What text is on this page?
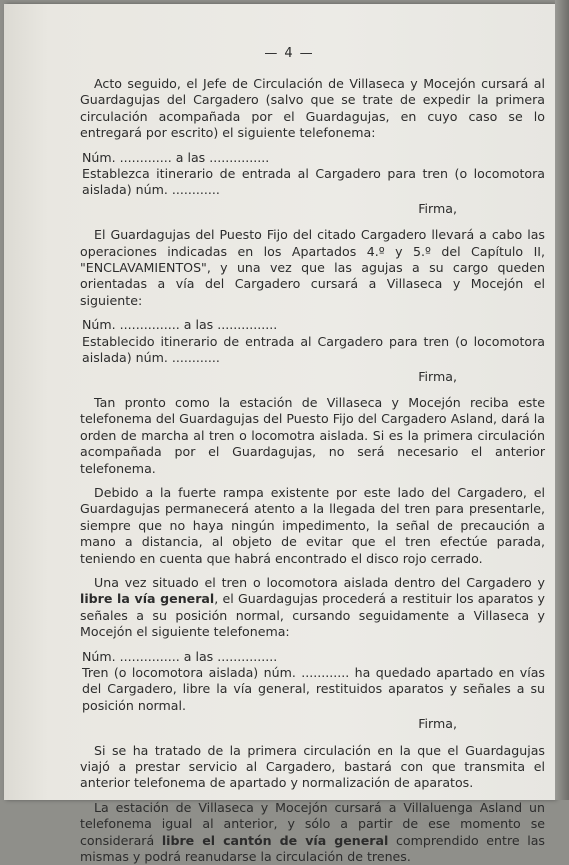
— 4 —

Acto seguido, el Jefe de Circulación de Villaseca y Mocejón cursará al Guardagujas del Cargadero (salvo que se trate de expedir la primera circulación acompañada por el Guardagujas, en cuyo caso se lo entregará por escrito) el siguiente telefonema:

Núm. ............. a las ...............

Establezca itinerario de entrada al Cargadero para tren (o locomotora aislada) núm. ............

Firma,

El Guardagujas del Puesto Fijo del citado Cargadero llevará a cabo las operaciones indicadas en los Apartados 4.º y 5.º del Capítulo II, "ENCLAVAMIENTOS", y una vez que las agujas a su cargo queden orientadas a vía del Cargadero cursará a Villaseca y Mocejón el siguiente:

Núm. ............... a las ...............

Establecido itinerario de entrada al Cargadero para tren (o locomotora aislada) núm. ............

Firma,

Tan pronto como la estación de Villaseca y Mocejón reciba este telefonema del Guardagujas del Puesto Fijo del Cargadero Asland, dará la orden de marcha al tren o locomotra aislada. Si es la primera circulación acompañada por el Guardagujas, no será necesario el anterior telefonema.

Debido a la fuerte rampa existente por este lado del Cargadero, el Guardagujas permanecerá atento a la llegada del tren para presentarle, siempre que no haya ningún impedimento, la señal de precaución a mano a distancia, al objeto de evitar que el tren efectúe parada, teniendo en cuenta que habrá encontrado el disco rojo cerrado.

Una vez situado el tren o locomotora aislada dentro del Cargadero y libre la vía general, el Guardagujas procederá a restituir los aparatos y señales a su posición normal, cursando seguidamente a Villaseca y Mocejón el siguiente telefonema:

Núm. ............... a las ...............

Tren (o locomotora aislada) núm. ............ ha quedado apartado en vías del Cargadero, libre la vía general, restituidos aparatos y señales a su posición normal.

Firma,

Si se ha tratado de la primera circulación en la que el Guardagujas viajó a prestar servicio al Cargadero, bastará con que transmita el anterior telefonema de apartado y normalización de aparatos.

La estación de Villaseca y Mocejón cursará a Villaluenga Asland un telefonema igual al anterior, y sólo a partir de ese momento se considerará libre el cantón de vía general comprendido entre las mismas y podrá reanudarse la circulación de trenes.
